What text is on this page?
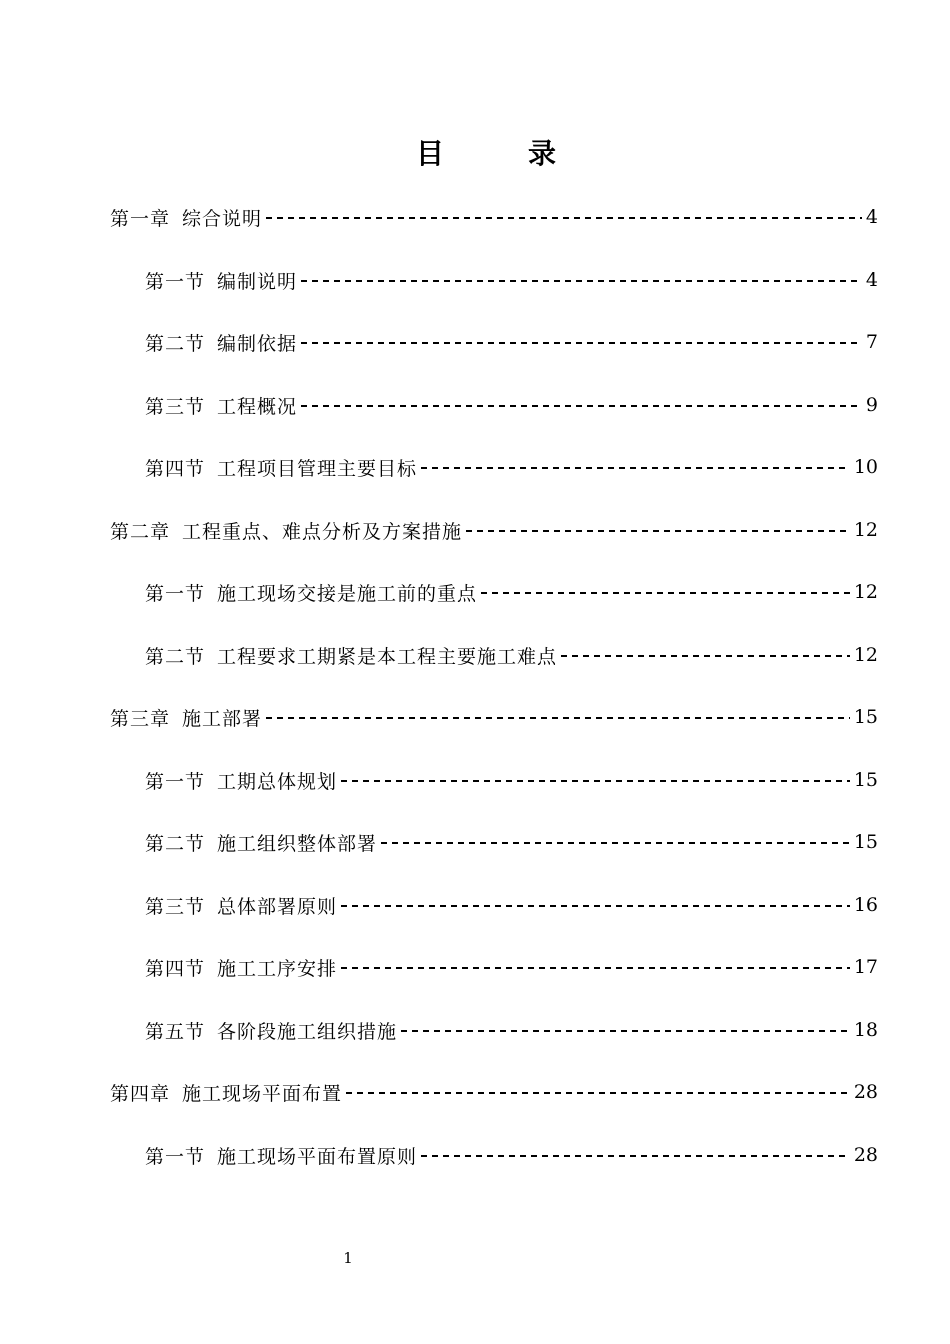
目　录
第一章 综合说明	4
第一节 编制说明	4
第二节 编制依据	7
第三节 工程概况	9
第四节 工程项目管理主要目标	10
第二章 工程重点、难点分析及方案措施	12
第一节 施工现场交接是施工前的重点	12
第二节 工程要求工期紧是本工程主要施工难点	12
第三章 施工部署	15
第一节 工期总体规划	15
第二节 施工组织整体部署	15
第三节 总体部署原则	16
第四节 施工工序安排	17
第五节 各阶段施工组织措施	18
第四章 施工现场平面布置	28
第一节 施工现场平面布置原则	28
1
